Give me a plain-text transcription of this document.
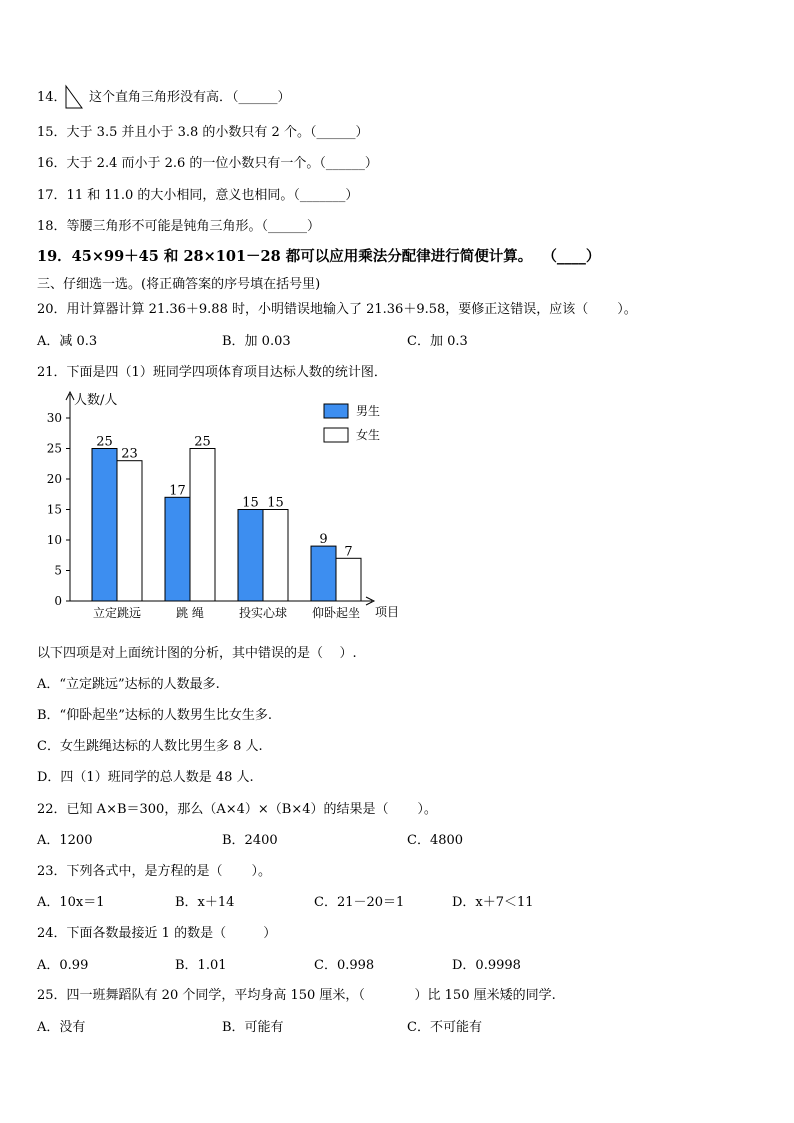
14． 这个直角三角形没有高．（______）
15．大于 3.5 并且小于 3.8 的小数只有 2 个。（______）
16．大于 2.4 而小于 2.6 的一位小数只有一个。（______）
17．11 和 11.0 的大小相同，意义也相同。（_______）
18．等腰三角形不可能是钝角三角形。（______）
19．45×99＋45 和 28×101－28 都可以应用乘法分配律进行简便计算。  （____）
三、仔细选一选。(将正确答案的序号填在括号里)
20．用计算器计算 21.36＋9.88 时，小明错误地输入了 21.36＋9.58，要修正这错误，应该（       ）。
A．减 0.3	B．加 0.03	C．加 0.3
21．下面是四（1）班同学四项体育项目达标人数的统计图．
0
5
10
15
20
25
30
25
23
立定跳远
17
25
跳 绳
15 15
投实心球
9
7
仰卧起坐
男生
女生
人数/人
项目
以下四项是对上面统计图的分析，其中错误的是（    ）.
A．“立定跳远”达标的人数最多.
B．“仰卧起坐”达标的人数男生比女生多.
C．女生跳绳达标的人数比男生多 8 人.
D．四（1）班同学的总人数是 48 人.
22．已知 A×B＝300，那么（A×4）×（B×4）的结果是（       ）。
A．1200	B．2400	C．4800
23．下列各式中，是方程的是（       ）。
A．10x＝1	B．x＋14	C．21－20＝1	D．x＋7＜11
24．下面各数最接近 1 的数是（         ）
A．0.99	B．1.01	C．0.998	D．0.9998
25．四一班舞蹈队有 20 个同学，平均身高 150 厘米，（            ）比 150 厘米矮的同学.
A．没有	B．可能有	C．不可能有
